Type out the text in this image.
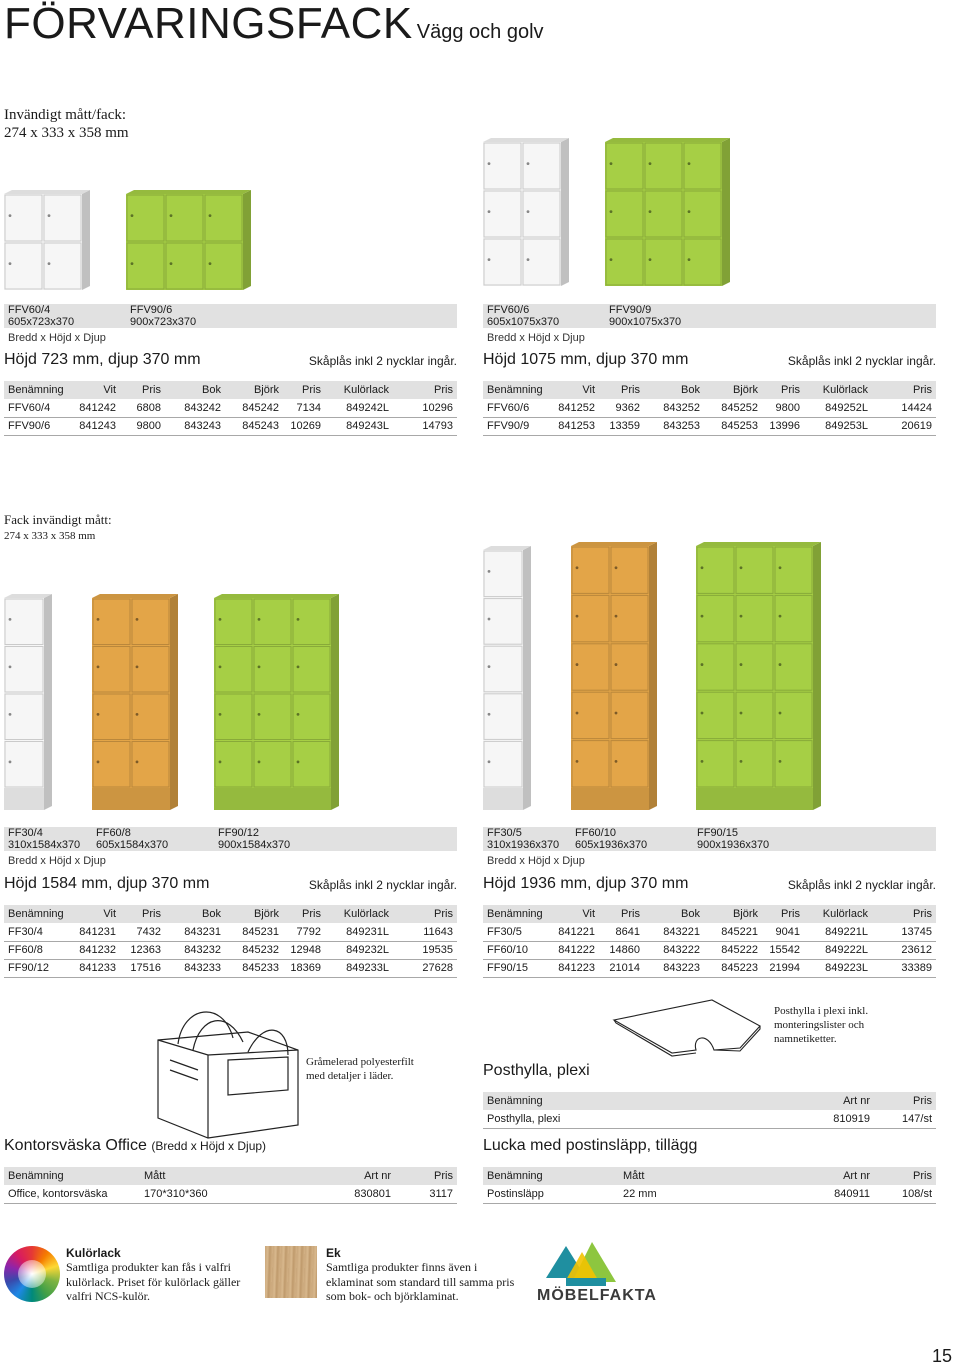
FÖRVARINGSFACK Vägg och golv
Invändigt mått/fack:
274 x 333 x 358 mm
Fack invändigt mått:
274 x 333 x 358 mm
FFV60/4
605x723x370
FFV90/6
900x723x370
Bredd x Höjd x Djup
Höjd 723 mm, djup 370 mm	Skåplås inkl 2 nycklar ingår.
Benämning	Vit	Pris	Bok	Björk	Pris	Kulörlack	Pris
FFV60/4	841242	6808	843242	845242	7134	849242L	10296
FFV90/6	841243	9800	843243	845243	10269	849243L	14793
FFV60/6
605x1075x370
FFV90/9
900x1075x370
Bredd x Höjd x Djup
Höjd 1075 mm, djup 370 mm	Skåplås inkl 2 nycklar ingår.
Benämning	Vit	Pris	Bok	Björk	Pris	Kulörlack	Pris
FFV60/6	841252	9362	843252	845252	9800	849252L	14424
FFV90/9	841253	13359	843253	845253	13996	849253L	20619
FF30/4
310x1584x370
FF60/8
605x1584x370
FF90/12
900x1584x370
Bredd x Höjd x Djup
Höjd 1584 mm, djup 370 mm	Skåplås inkl 2 nycklar ingår.
Benämning	Vit	Pris	Bok	Björk	Pris	Kulörlack	Pris
FF30/4	841231	7432	843231	845231	7792	849231L	11643
FF60/8	841232	12363	843232	845232	12948	849232L	19535
FF90/12	841233	17516	843233	845233	18369	849233L	27628
FF30/5
310x1936x370
FF60/10
605x1936x370
FF90/15
900x1936x370
Bredd x Höjd x Djup
Höjd 1936 mm, djup 370 mm	Skåplås inkl 2 nycklar ingår.
Benämning	Vit	Pris	Bok	Björk	Pris	Kulörlack	Pris
FF30/5	841221	8641	843221	845221	9041	849221L	13745
FF60/10	841222	14860	843222	845222	15542	849222L	23612
FF90/15	841223	21014	843223	845223	21994	849223L	33389
Gråmelerad polyesterfilt med detaljer i läder.
Kontorsväska Office (Bredd x Höjd x Djup)
Benämning	Mått	Art nr	Pris
Office, kontorsväska	170*310*360	830801	3117
Posthylla i plexi inkl. monteringslister och namnetiketter.
Posthylla, plexi
Benämning	Art nr	Pris
Posthylla, plexi	810919	147/st
Lucka med postinsläpp, tillägg
Benämning	Mått	Art nr	Pris
Postinsläpp	22 mm	840911	108/st
Kulörlack
Samtliga produkter kan fås i valfri kulörlack. Priset för kulörlack gäller valfri NCS-kulör.
Ek
Samtliga produkter finns även i eklaminat som standard till samma pris som bok- och björklaminat.	MÖBELFAKTA
15
